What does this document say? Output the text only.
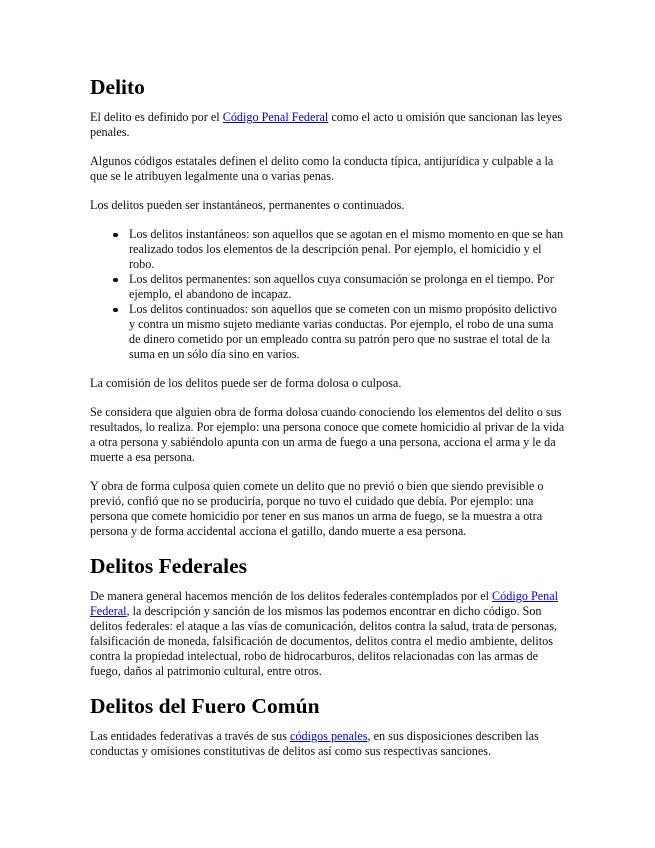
Delito

El delito es definido por el Código Penal Federal como el acto u omisión que sancionan las leyes penales.

Algunos códigos estatales definen el delito como la conducta típica, antijurídica y culpable a la que se le atribuyen legalmente una o varias penas.

Los delitos pueden ser instantáneos, permanentes o continuados.

Los delitos instantáneos: son aquellos que se agotan en el mismo momento en que se han realizado todos los elementos de la descripción penal. Por ejemplo, el homicidio y el robo.
Los delitos permanentes: son aquellos cuya consumación se prolonga en el tiempo. Por ejemplo, el abandono de incapaz.
Los delitos continuados: son aquellos que se cometen con un mismo propósito delictivo y contra un mismo sujeto mediante varias conductas. Por ejemplo, el robo de una suma de dinero cometido por un empleado contra su patrón pero que no sustrae el total de la suma en un sólo día sino en varios.

La comisión de los delitos puede ser de forma dolosa o culposa.

Se considera que alguien obra de forma dolosa cuando conociendo los elementos del delito o sus resultados, lo realiza. Por ejemplo: una persona conoce que comete homicidio al privar de la vida a otra persona y sabiéndolo apunta con un arma de fuego a una persona, acciona el arma y le da muerte a esa persona.

Y obra de forma culposa quien comete un delito que no previó o bien que siendo previsible o previó, confió que no se produciría, porque no tuvo el cuidado que debía. Por ejemplo: una persona que comete homicidio por tener en sus manos un arma de fuego, se la muestra a otra persona y de forma accidental acciona el gatillo, dando muerte a esa persona.

Delitos Federales

De manera general hacemos mención de los delitos federales contemplados por el Código Penal Federal, la descripción y sanción de los mismos las podemos encontrar en dicho código. Son delitos federales: el ataque a las vías de comunicación, delitos contra la salud, trata de personas, falsificación de moneda, falsificación de documentos, delitos contra el medio ambiente, delitos contra la propiedad intelectual, robo de hidrocarburos, delitos relacionadas con las armas de fuego, daños al patrimonio cultural, entre otros.

Delitos del Fuero Común

Las entidades federativas a través de sus códigos penales, en sus disposiciones describen las conductas y omisiones constitutivas de delitos así como sus respectivas sanciones.
